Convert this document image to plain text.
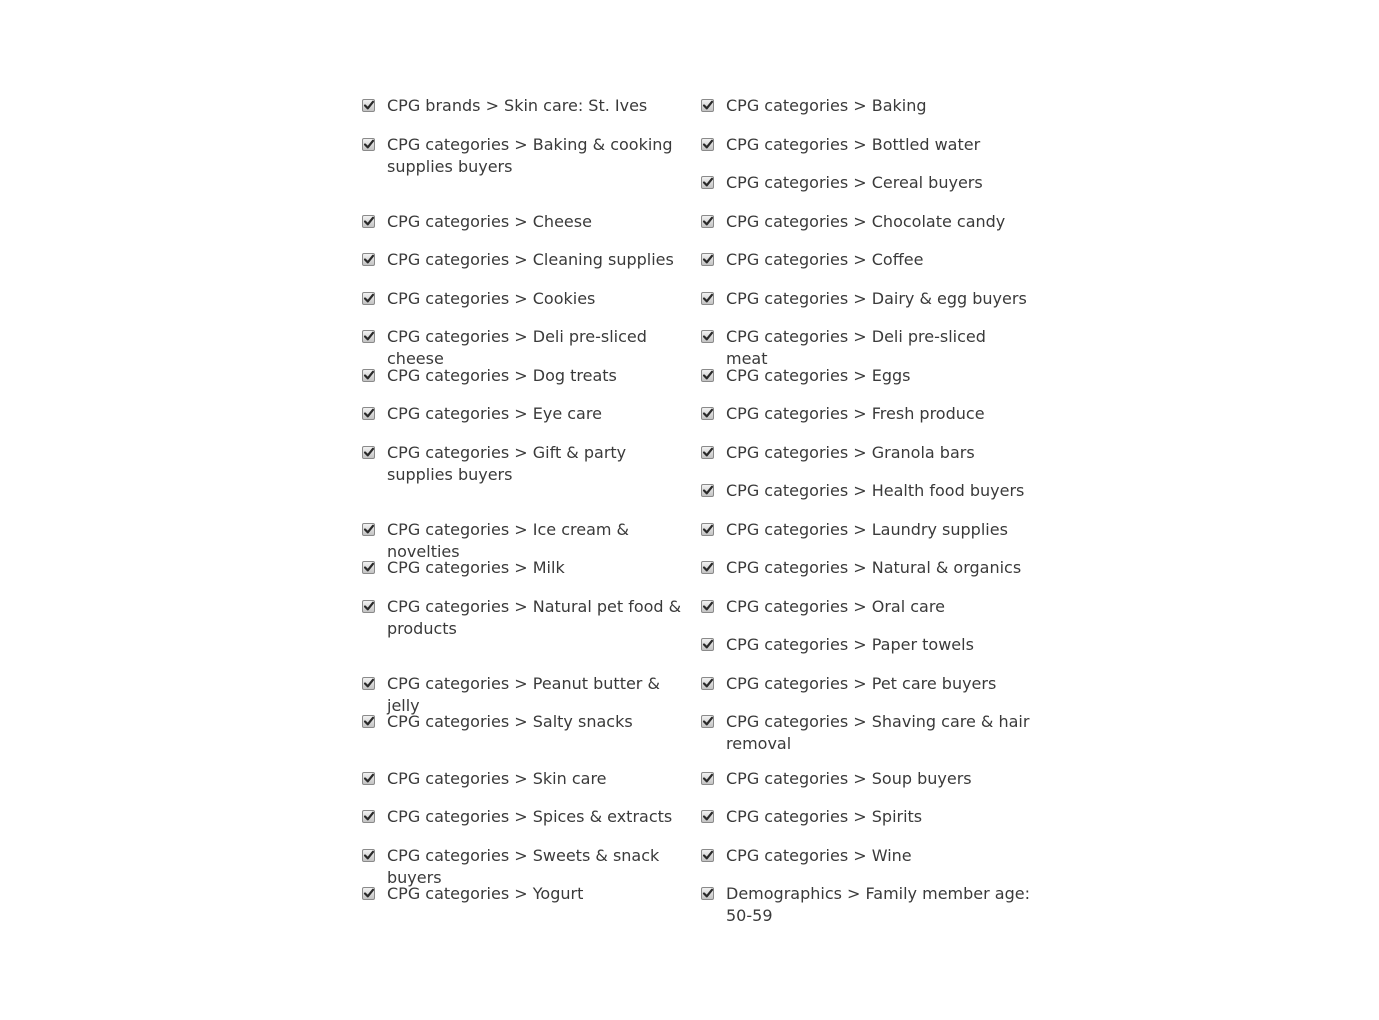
CPG brands > Skin care: St. Ives
CPG categories > Baking & cooking supplies buyers
CPG categories > Cheese
CPG categories > Cleaning supplies
CPG categories > Cookies
CPG categories > Deli pre-sliced cheese
CPG categories > Dog treats
CPG categories > Eye care
CPG categories > Gift & party supplies buyers
CPG categories > Ice cream & novelties
CPG categories > Milk
CPG categories > Natural pet food & products
CPG categories > Peanut butter & jelly
CPG categories > Salty snacks
CPG categories > Skin care
CPG categories > Spices & extracts
CPG categories > Sweets & snack buyers
CPG categories > Yogurt
CPG categories > Baking
CPG categories > Bottled water
CPG categories > Cereal buyers
CPG categories > Chocolate candy
CPG categories > Coffee
CPG categories > Dairy & egg buyers
CPG categories > Deli pre-sliced meat
CPG categories > Eggs
CPG categories > Fresh produce
CPG categories > Granola bars
CPG categories > Health food buyers
CPG categories > Laundry supplies
CPG categories > Natural & organics
CPG categories > Oral care
CPG categories > Paper towels
CPG categories > Pet care buyers
CPG categories > Shaving care & hair removal
CPG categories > Soup buyers
CPG categories > Spirits
CPG categories > Wine
Demographics > Family member age: 50-59
